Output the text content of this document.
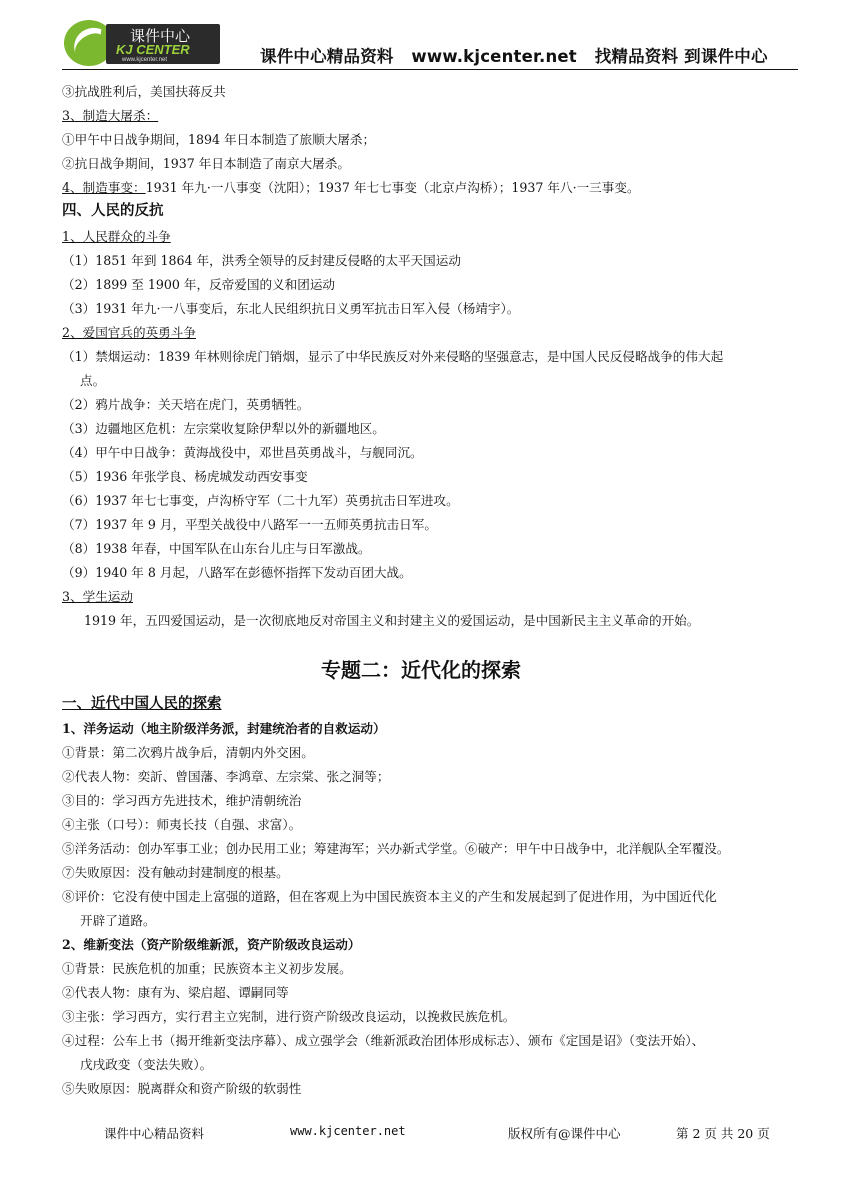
课件中心
KJ CENTER
www.kjcenter.net	课件中心精品资料   www.kjcenter.net   找精品资料 到课件中心
③抗战胜利后，美国扶蒋反共
3、制造大屠杀：
①甲午中日战争期间，1894 年日本制造了旅顺大屠杀；
②抗日战争期间，1937 年日本制造了南京大屠杀。
4、制造事变：1931 年九·一八事变（沈阳）；1937 年七七事变（北京卢沟桥）；1937 年八·一三事变。
四、人民的反抗
1、人民群众的斗争
（1）1851 年到 1864 年，洪秀全领导的反封建反侵略的太平天国运动
（2）1899 至 1900 年，反帝爱国的义和团运动
（3）1931 年九·一八事变后，东北人民组织抗日义勇军抗击日军入侵（杨靖宇）。
2、爱国官兵的英勇斗争
（1）禁烟运动：1839 年林则徐虎门销烟，显示了中华民族反对外来侵略的坚强意志，是中国人民反侵略战争的伟大起
点。
（2）鸦片战争：关天培在虎门，英勇牺牲。
（3）边疆地区危机：左宗棠收复除伊犁以外的新疆地区。
（4）甲午中日战争：黄海战役中，邓世昌英勇战斗，与舰同沉。
（5）1936 年张学良、杨虎城发动西安事变
（6）1937 年七七事变，卢沟桥守军（二十九军）英勇抗击日军进攻。
（7）1937 年 9 月，平型关战役中八路军一一五师英勇抗击日军。
（8）1938 年春，中国军队在山东台儿庄与日军激战。
（9）1940 年 8 月起，八路军在彭德怀指挥下发动百团大战。
3、学生运动
1919 年，五四爱国运动，是一次彻底地反对帝国主义和封建主义的爱国运动，是中国新民主主义革命的开始。
专题二：近代化的探索
一、近代中国人民的探索
1、洋务运动（地主阶级洋务派，封建统治者的自救运动）
①背景：第二次鸦片战争后，清朝内外交困。
②代表人物：奕訢、曾国藩、李鸿章、左宗棠、张之洞等；
③目的：学习西方先进技术，维护清朝统治
④主张（口号）：师夷长技（自强、求富）。
⑤洋务活动：创办军事工业；创办民用工业；筹建海军；兴办新式学堂。⑥破产：甲午中日战争中，北洋舰队全军覆没。
⑦失败原因：没有触动封建制度的根基。
⑧评价：它没有使中国走上富强的道路，但在客观上为中国民族资本主义的产生和发展起到了促进作用，为中国近代化
开辟了道路。
2、维新变法（资产阶级维新派，资产阶级改良运动）
①背景：民族危机的加重；民族资本主义初步发展。
②代表人物：康有为、梁启超、谭嗣同等
③主张：学习西方，实行君主立宪制，进行资产阶级改良运动，以挽救民族危机。
④过程：公车上书（揭开维新变法序幕）、成立强学会（维新派政治团体形成标志）、颁布《定国是诏》（变法开始）、
戊戌政变（变法失败）。
⑤失败原因：脱离群众和资产阶级的软弱性
课件中心精品资料	www.kjcenter.net	版权所有@课件中心	第 2 页 共 20 页
